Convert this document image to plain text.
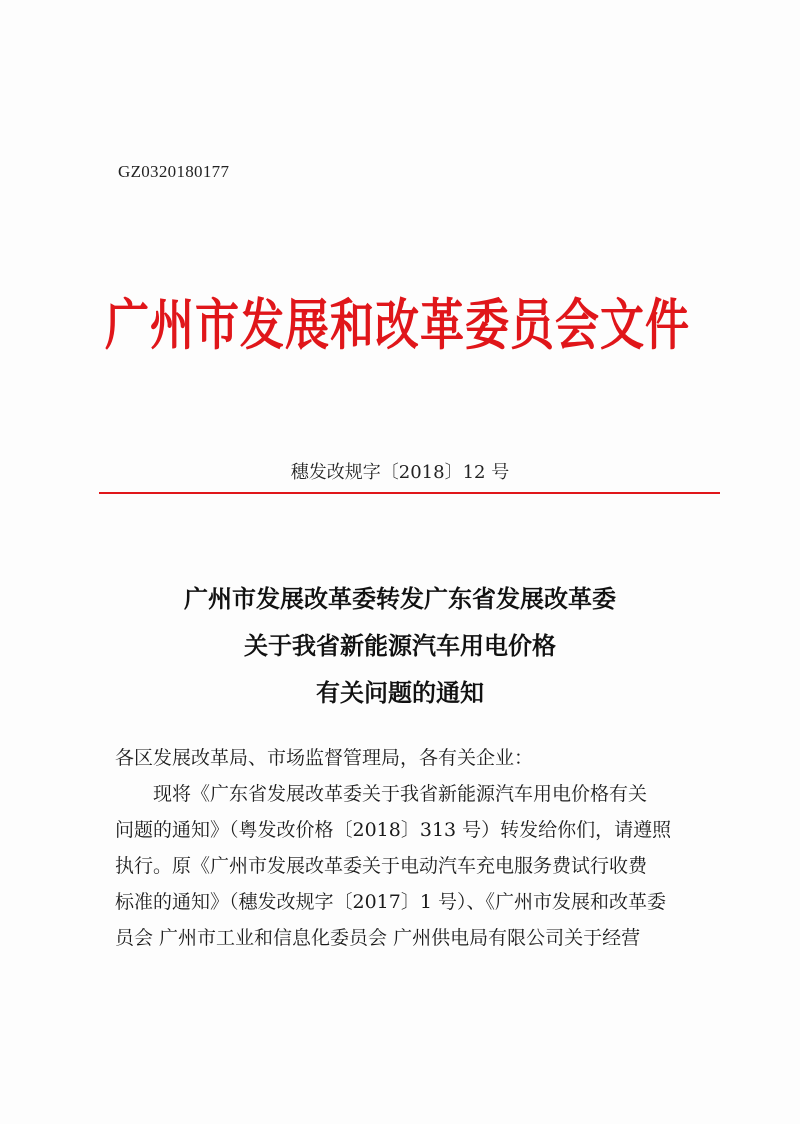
GZ0320180177
广州市发展和改革委员会文件
穗发改规字〔2018〕12 号
广州市发展改革委转发广东省发展改革委
关于我省新能源汽车用电价格
有关问题的通知
各区发展改革局、市场监督管理局，各有关企业：
现将《广东省发展改革委关于我省新能源汽车用电价格有关
问题的通知》（粤发改价格〔2018〕313 号）转发给你们，请遵照
执行。原《广州市发展改革委关于电动汽车充电服务费试行收费
标准的通知》（穗发改规字〔2017〕1 号）、《广州市发展和改革委
员会 广州市工业和信息化委员会 广州供电局有限公司关于经营
